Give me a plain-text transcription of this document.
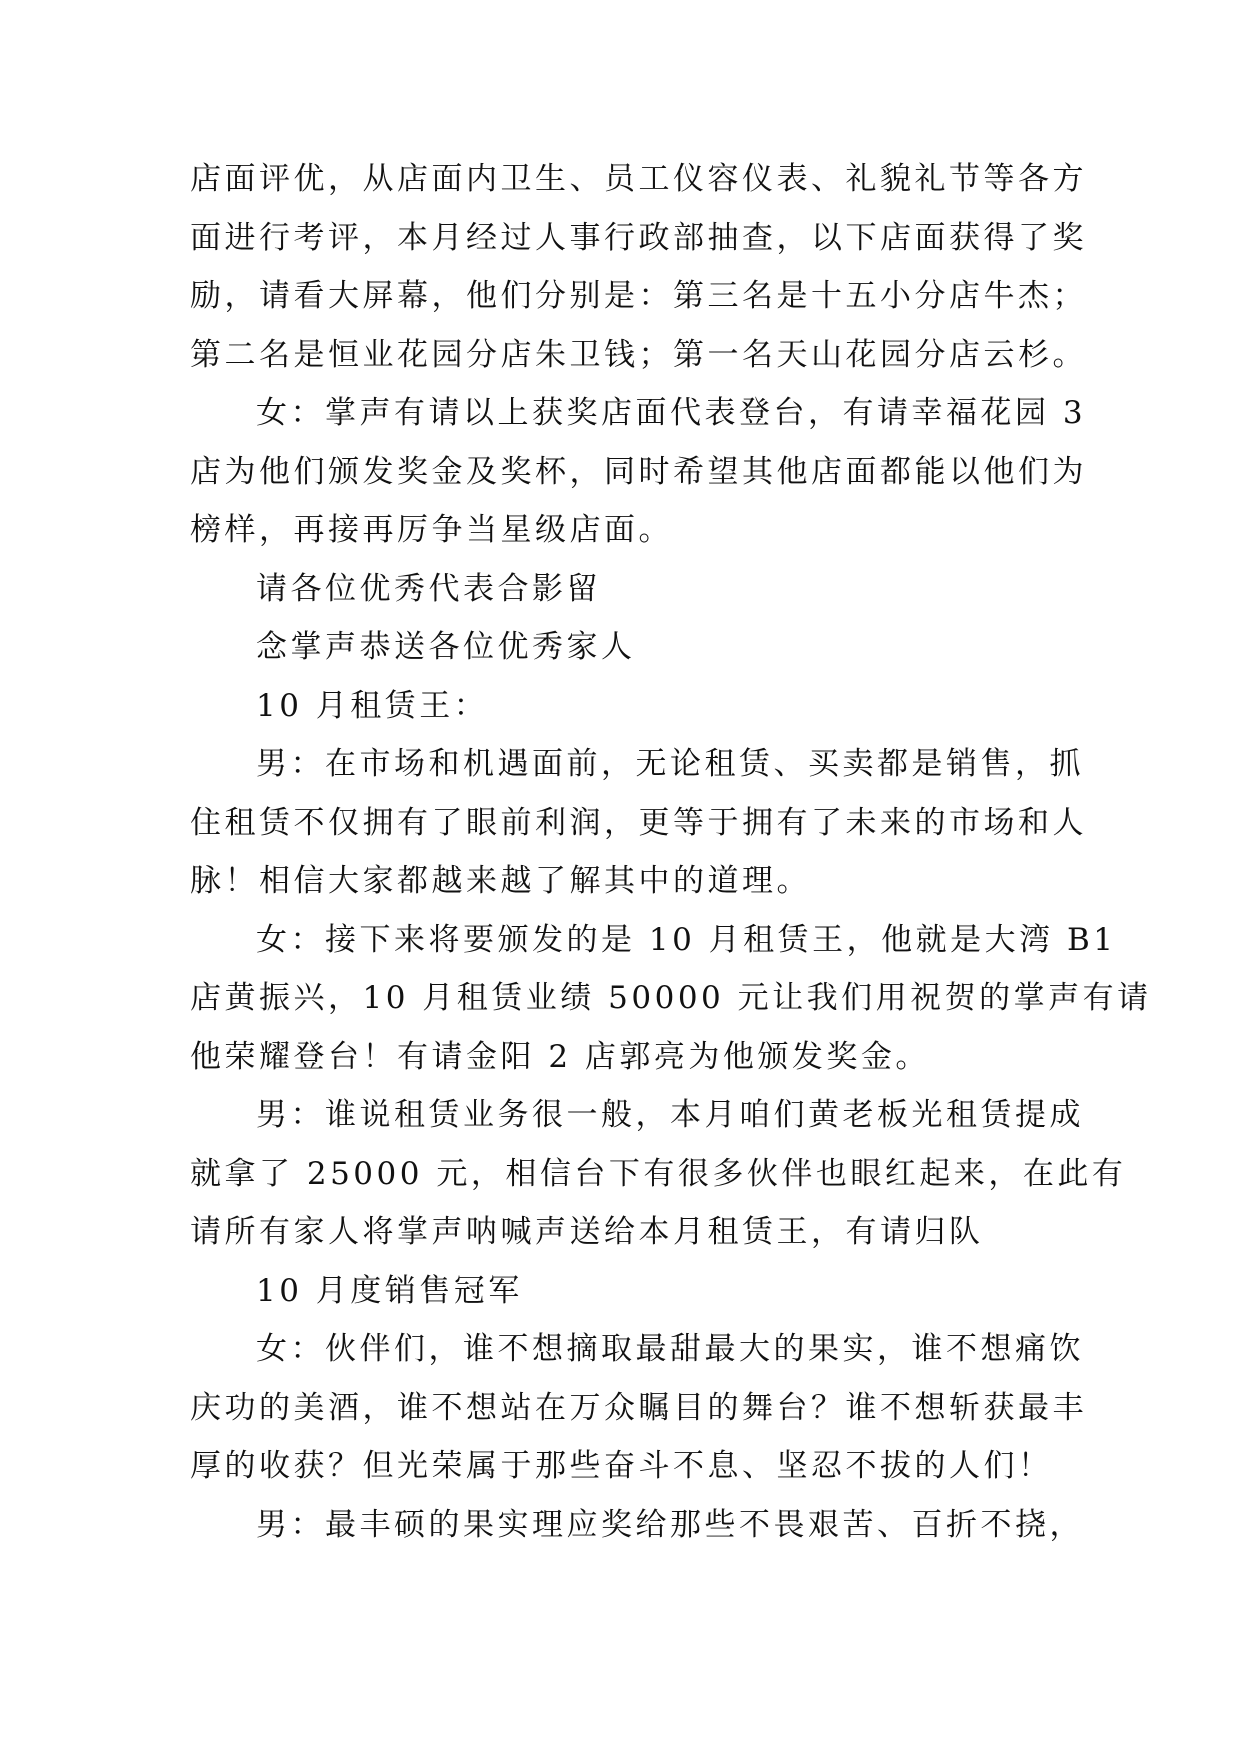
店面评优，从店面内卫生、员工仪容仪表、礼貌礼节等各方
面进行考评，本月经过人事行政部抽查，以下店面获得了奖
励，请看大屏幕，他们分别是：第三名是十五小分店牛杰；
第二名是恒业花园分店朱卫钱；第一名天山花园分店云杉。
女：掌声有请以上获奖店面代表登台，有请幸福花园 3
店为他们颁发奖金及奖杯，同时希望其他店面都能以他们为
榜样，再接再厉争当星级店面。
请各位优秀代表合影留
念掌声恭送各位优秀家人
10 月租赁王：
男：在市场和机遇面前，无论租赁、买卖都是销售，抓
住租赁不仅拥有了眼前利润，更等于拥有了未来的市场和人
脉！相信大家都越来越了解其中的道理。
女：接下来将要颁发的是 10 月租赁王，他就是大湾 B1
店黄振兴，10 月租赁业绩 50000 元让我们用祝贺的掌声有请
他荣耀登台！有请金阳 2 店郭亮为他颁发奖金。
男：谁说租赁业务很一般，本月咱们黄老板光租赁提成
就拿了 25000 元，相信台下有很多伙伴也眼红起来，在此有
请所有家人将掌声呐喊声送给本月租赁王，有请归队
10 月度销售冠军
女：伙伴们，谁不想摘取最甜最大的果实，谁不想痛饮
庆功的美酒，谁不想站在万众瞩目的舞台？谁不想斩获最丰
厚的收获？但光荣属于那些奋斗不息、坚忍不拔的人们！
男：最丰硕的果实理应奖给那些不畏艰苦、百折不挠，
